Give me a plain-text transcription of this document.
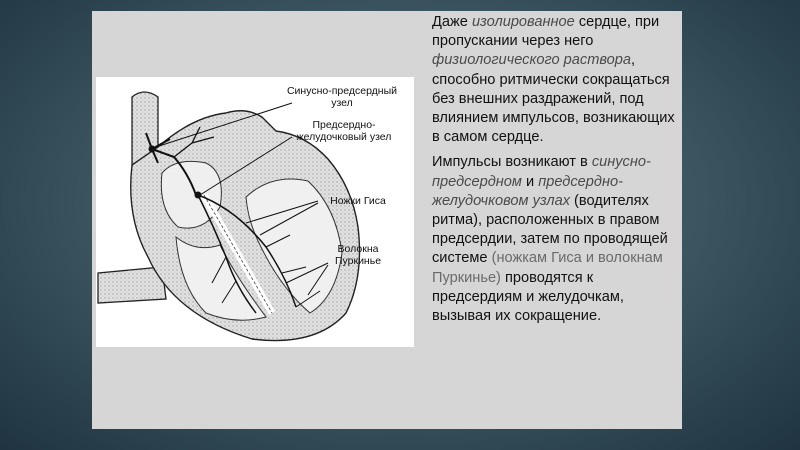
Синусно-предсердный узел
Предсердно-желудочковый узел
Ножки Гиса
Волокна Пуркинье

Даже изолированное сердце, при пропускании через него физиологического раствора, способно ритмически сокращаться без внешних раздражений, под влиянием импульсов, возникающих в самом сердце.

Импульсы возникают в синусно-предсердном и предсердно-желудочковом узлах (водителях ритма), расположенных в правом предсердии, затем по проводящей системе (ножкам Гиса и волокнам Пуркинье) проводятся к предсердиям и желудочкам, вызывая их сокращение.
